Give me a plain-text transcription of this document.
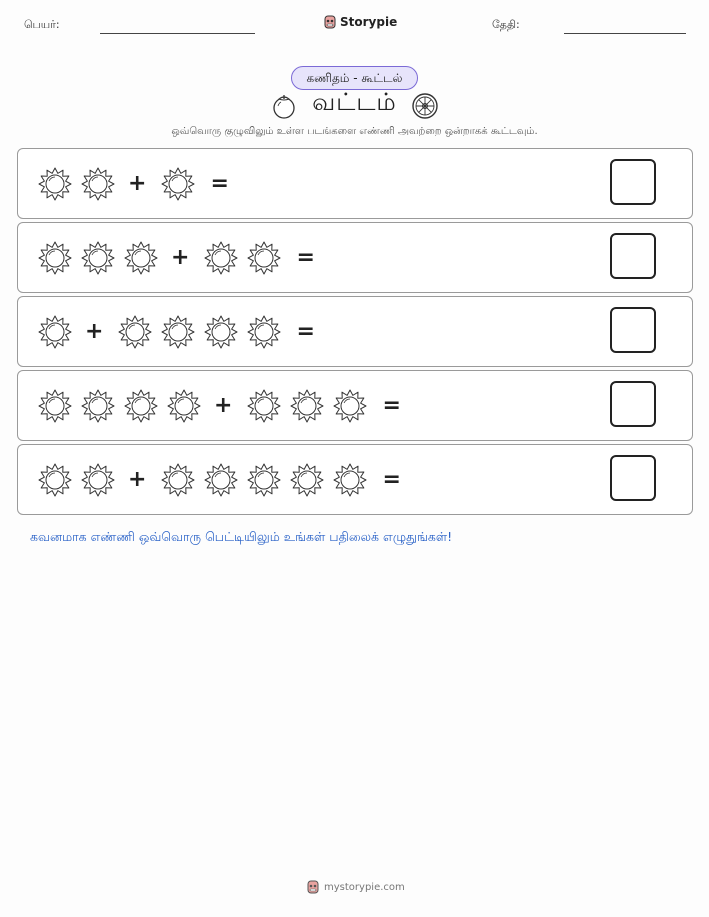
பெயர்:	Storypie	தேதி:
கணிதம் - கூட்டல்
வட்டம்
ஒவ்வொரு குழுவிலும் உள்ள படங்களை எண்ணி அவற்றை ஒன்றாகக் கூட்டவும்.
+	=
+	=
+	=
+	=
+	=
கவனமாக எண்ணி ஒவ்வொரு பெட்டியிலும் உங்கள் பதிலைக் எழுதுங்கள்!
mystorypie.com
